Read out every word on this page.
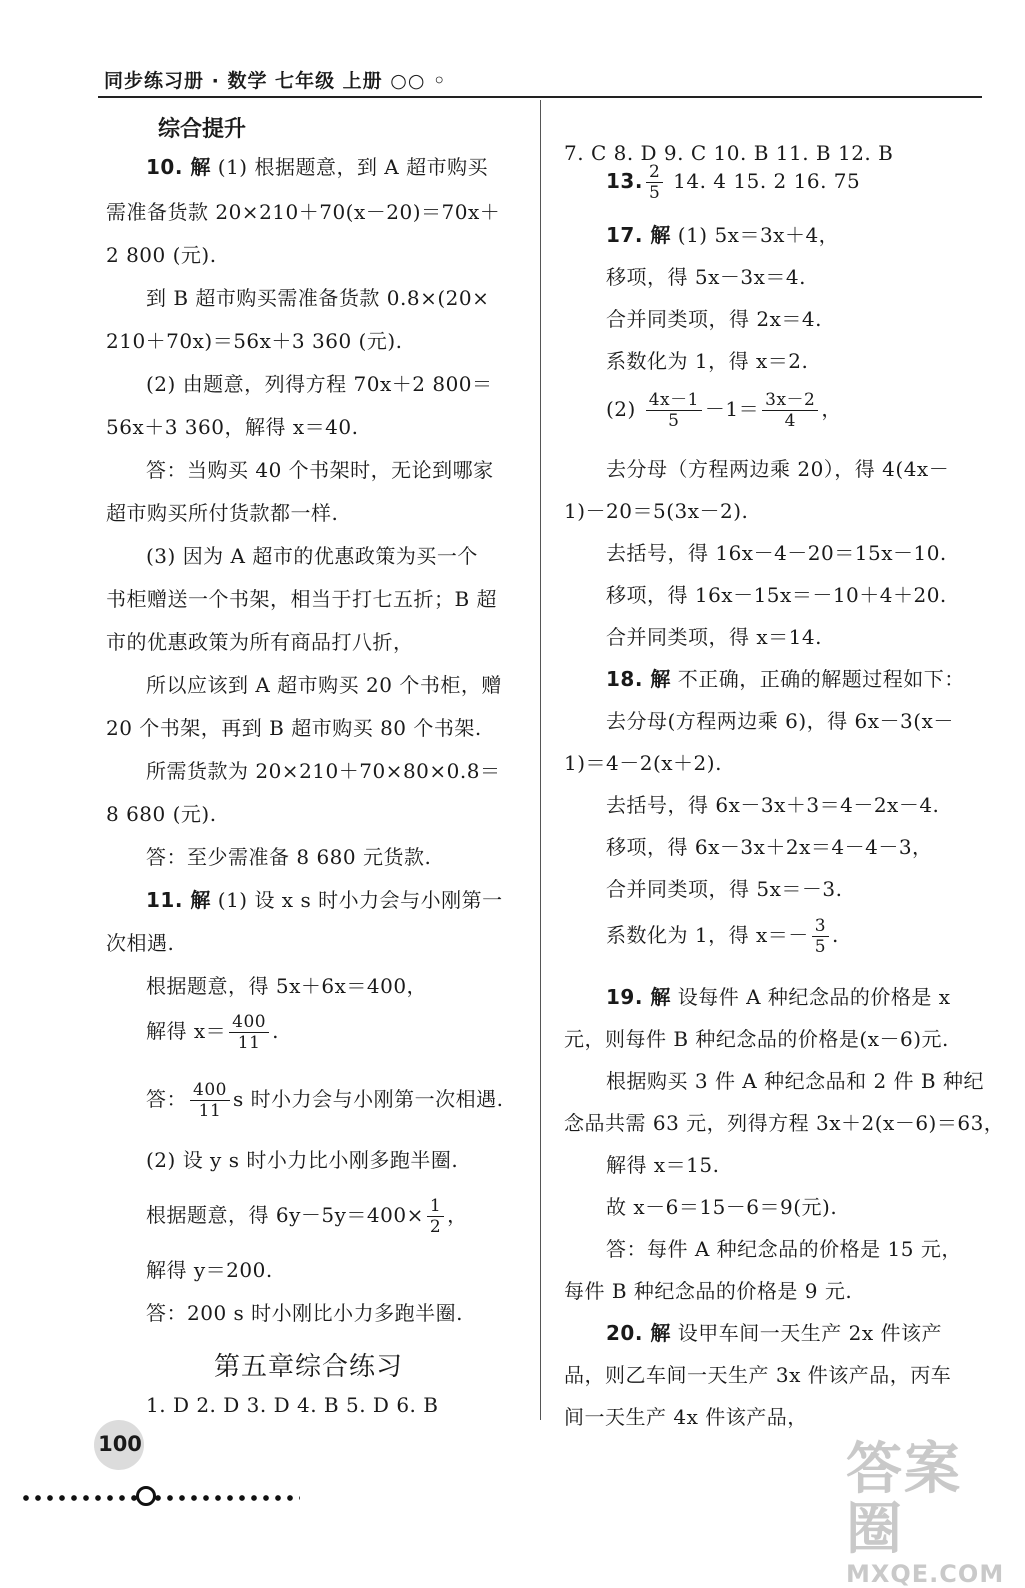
同步练习册 · 数学 七年级 上册 ○○ ◦
综合提升
10. 解 (1) 根据题意，到 A 超市购买
需准备货款 20×210＋70(x－20)＝70x＋
2 800 (元).
到 B 超市购买需准备货款 0.8×(20×
210＋70x)＝56x＋3 360 (元).
(2) 由题意，列得方程 70x＋2 800＝
56x＋3 360，解得 x＝40.
答：当购买 40 个书架时，无论到哪家
超市购买所付货款都一样.
(3) 因为 A 超市的优惠政策为买一个
书柜赠送一个书架，相当于打七五折；B 超
市的优惠政策为所有商品打八折，
所以应该到 A 超市购买 20 个书柜，赠
20 个书架，再到 B 超市购买 80 个书架.
所需货款为 20×210＋70×80×0.8＝
8 680 (元).
答：至少需准备 8 680 元货款.
11. 解 (1) 设 x s 时小力会与小刚第一
次相遇.
根据题意，得 5x＋6x＝400，
解得 $x= \frac{400}{11}$ .
答： $\frac{400}{11}$ s 时小力会与小刚第一次相遇.
(2) 设 y s 时小力比小刚多跑半圈.
根据题意，得 $6y-5y=400\times \frac{1}{2}$ ，
解得 y＝200.
答：200 s 时小刚比小力多跑半圈.
第五章综合练习
1. D 2. D 3. D 4. B 5. D 6. B
7. C 8. D 9. C 10. B 11. B 12. B
13. $\frac{2}{5} 14$. 4 15. 2 16. 75
17. 解 (1) 5x＝3x＋4，
移项，得 5x－3x＝4.
合并同类项，得 2x＝4.
系数化为 1，得 x＝2.
$(2) \frac{4x-1}{5} -1= \frac{3x-2}{4}$ ，
去分母（方程两边乘 20），得 4(4x－
1)－20＝5(3x－2).
去括号，得 16x－4－20＝15x－10.
移项，得 16x－15x＝－10＋4＋20.
合并同类项，得 x＝14.
18. 解 不正确，正确的解题过程如下：
去分母(方程两边乘 6)，得 6x－3(x－
1)＝4－2(x＋2).
去括号，得 6x－3x＋3＝4－2x－4.
移项，得 6x－3x＋2x＝4－4－3，
合并同类项，得 5x＝－3.
系数化为 1，得 $x=- \frac{3}{5}$ .
19. 解 设每件 A 种纪念品的价格是 x
元，则每件 B 种纪念品的价格是(x－6)元.
根据购买 3 件 A 种纪念品和 2 件 B 种纪
念品共需 63 元，列得方程 3x＋2(x－6)＝63，
解得 x＝15.
故 x－6＝15－6＝9(元).
答：每件 A 种纪念品的价格是 15 元，
每件 B 种纪念品的价格是 9 元.
20. 解 设甲车间一天生产 2x 件该产
品，则乙车间一天生产 3x 件该产品，丙车
间一天生产 4x 件该产品，
100	答案圈
MXQE.COM
